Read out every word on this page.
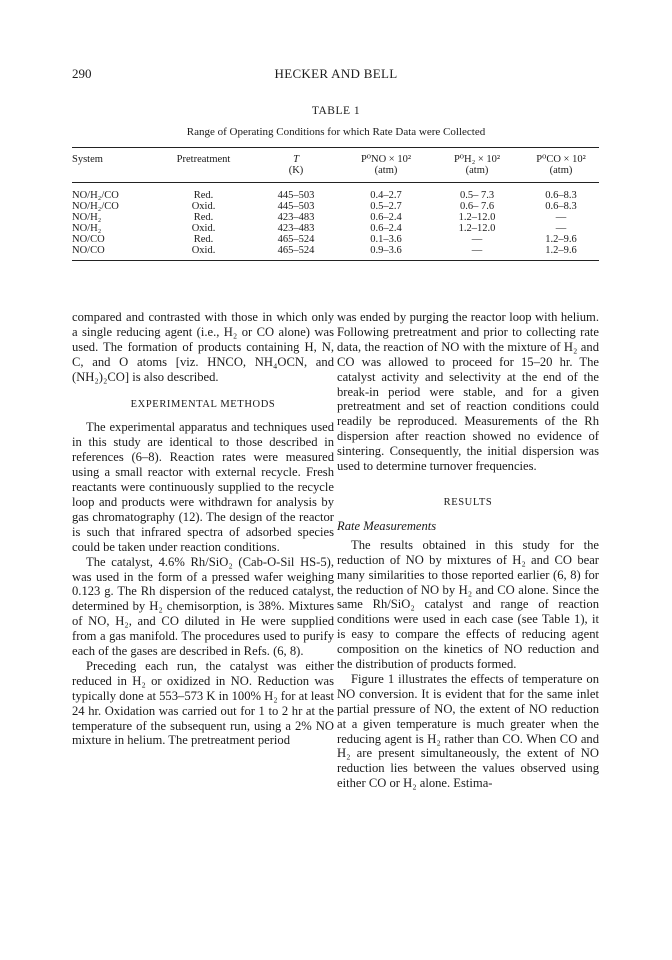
290	HECKER AND BELL
TABLE 1
Range of Operating Conditions for which Rate Data were Collected
System	Pretreatment	T	P⁰NO × 10²	P⁰H₂ × 10²	P⁰CO × 10²
		(K)	(atm)	(atm)	(atm)
NO/H₂/CO	Red.	445–503	0.4–2.7	0.5– 7.3	0.6–8.3
NO/H₂/CO	Oxid.	445–503	0.5–2.7	0.6– 7.6	0.6–8.3
NO/H₂	Red.	423–483	0.6–2.4	1.2–12.0	—
NO/H₂	Oxid.	423–483	0.6–2.4	1.2–12.0	—
NO/CO	Red.	465–524	0.1–3.6	—	1.2–9.6
NO/CO	Oxid.	465–524	0.9–3.6	—	1.2–9.6

compared and contrasted with those in which only a single reducing agent (i.e., H₂ or CO alone) was used. The formation of products containing H, N, C, and O atoms [viz. HNCO, NH₄OCN, and (NH₂)₂CO] is also described.

EXPERIMENTAL METHODS

The experimental apparatus and techniques used in this study are identical to those described in references (6–8). Reaction rates were measured using a small reactor with external recycle. Fresh reactants were continuously supplied to the recycle loop and products were withdrawn for analysis by gas chromatography (12). The design of the reactor is such that infrared spectra of adsorbed species could be taken under reaction conditions.

The catalyst, 4.6% Rh/SiO₂ (Cab-O-Sil HS-5), was used in the form of a pressed wafer weighing 0.123 g. The Rh dispersion of the reduced catalyst, determined by H₂ chemisorption, is 38%. Mixtures of NO, H₂, and CO diluted in He were supplied from a gas manifold. The procedures used to purify each of the gases are described in Refs. (6, 8).

Preceding each run, the catalyst was either reduced in H₂ or oxidized in NO. Reduction was typically done at 553–573 K in 100% H₂ for at least 24 hr. Oxidation was carried out for 1 to 2 hr at the temperature of the subsequent run, using a 2% NO mixture in helium. The pretreatment period

was ended by purging the reactor loop with helium. Following pretreatment and prior to collecting rate data, the reaction of NO with the mixture of H₂ and CO was allowed to proceed for 15–20 hr. The catalyst activity and selectivity at the end of the break-in period were stable, and for a given pretreatment and set of reaction conditions could readily be reproduced. Measurements of the Rh dispersion after reaction showed no evidence of sintering. Consequently, the initial dispersion was used to determine turnover frequencies.

RESULTS

Rate Measurements

The results obtained in this study for the reduction of NO by mixtures of H₂ and CO bear many similarities to those reported earlier (6, 8) for the reduction of NO by H₂ and CO alone. Since the same Rh/SiO₂ catalyst and range of reaction conditions were used in each case (see Table 1), it is easy to compare the effects of reducing agent composition on the kinetics of NO reduction and the distribution of products formed.

Figure 1 illustrates the effects of temperature on NO conversion. It is evident that for the same inlet partial pressure of NO, the extent of NO reduction at a given temperature is much greater when the reducing agent is H₂ rather than CO. When CO and H₂ are present simultaneously, the extent of NO reduction lies between the values observed using either CO or H₂ alone. Estima-
